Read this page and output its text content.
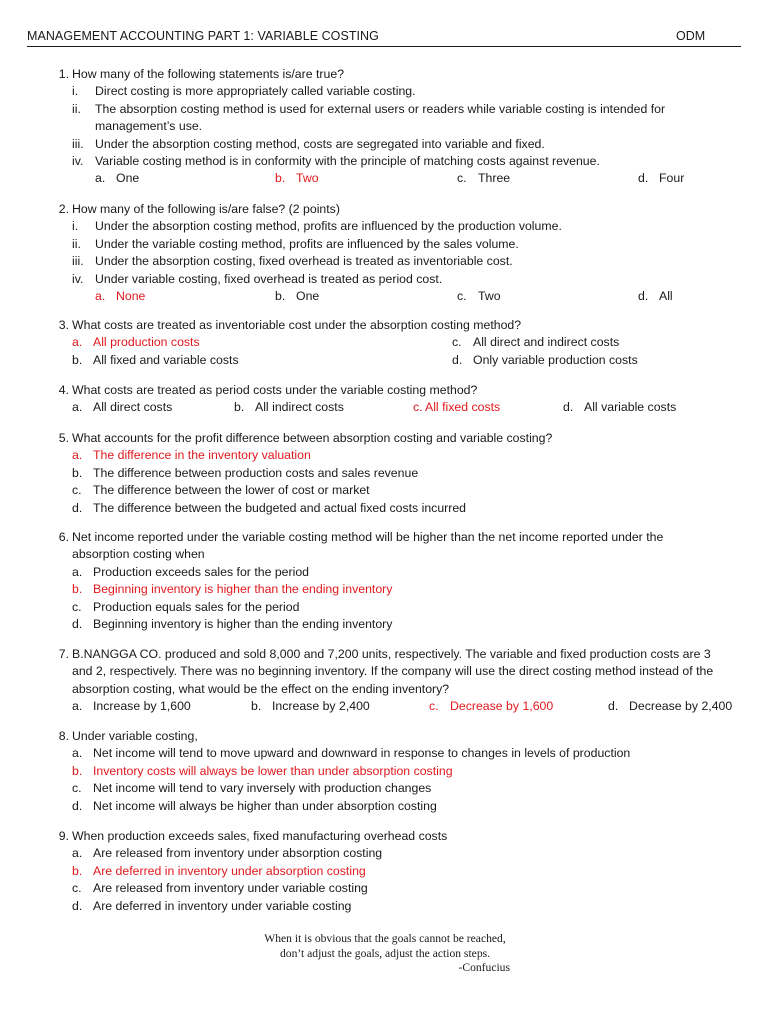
MANAGEMENT ACCOUNTING PART 1: VARIABLE COSTING	ODM
1. How many of the following statements is/are true?
i. Direct costing is more appropriately called variable costing.
ii. The absorption costing method is used for external users or readers while variable costing is intended for
management’s use.
iii. Under the absorption costing method, costs are segregated into variable and fixed.
iv. Variable costing method is in conformity with the principle of matching costs against revenue.
a. One	b. Two	c. Three	d. Four
2. How many of the following is/are false? (2 points)
i. Under the absorption costing method, profits are influenced by the production volume.
ii. Under the variable costing method, profits are influenced by the sales volume.
iii. Under the absorption costing, fixed overhead is treated as inventoriable cost.
iv. Under variable costing, fixed overhead is treated as period cost.
a. None	b. One	c. Two	d. All
3. What costs are treated as inventoriable cost under the absorption costing method?
a. All production costs	c. All direct and indirect costs
b. All fixed and variable costs	d. Only variable production costs
4. What costs are treated as period costs under the variable costing method?
a. All direct costs	b. All indirect costs	c. All fixed costs	d. All variable costs
5. What accounts for the profit difference between absorption costing and variable costing?
a. The difference in the inventory valuation
b. The difference between production costs and sales revenue
c. The difference between the lower of cost or market
d. The difference between the budgeted and actual fixed costs incurred
6. Net income reported under the variable costing method will be higher than the net income reported under the
absorption costing when
a. Production exceeds sales for the period
b. Beginning inventory is higher than the ending inventory
c. Production equals sales for the period
d. Beginning inventory is higher than the ending inventory
7. B.NANGGA CO. produced and sold 8,000 and 7,200 units, respectively. The variable and fixed production costs are 3
and 2, respectively. There was no beginning inventory. If the company will use the direct costing method instead of the
absorption costing, what would be the effect on the ending inventory?
a. Increase by 1,600	b. Increase by 2,400	c. Decrease by 1,600	d. Decrease by 2,400
8. Under variable costing,
a. Net income will tend to move upward and downward in response to changes in levels of production
b. Inventory costs will always be lower than under absorption costing
c. Net income will tend to vary inversely with production changes
d. Net income will always be higher than under absorption costing
9. When production exceeds sales, fixed manufacturing overhead costs
a. Are released from inventory under absorption costing
b. Are deferred in inventory under absorption costing
c. Are released from inventory under variable costing
d. Are deferred in inventory under variable costing
When it is obvious that the goals cannot be reached,
don’t adjust the goals, adjust the action steps.
-Confucius
